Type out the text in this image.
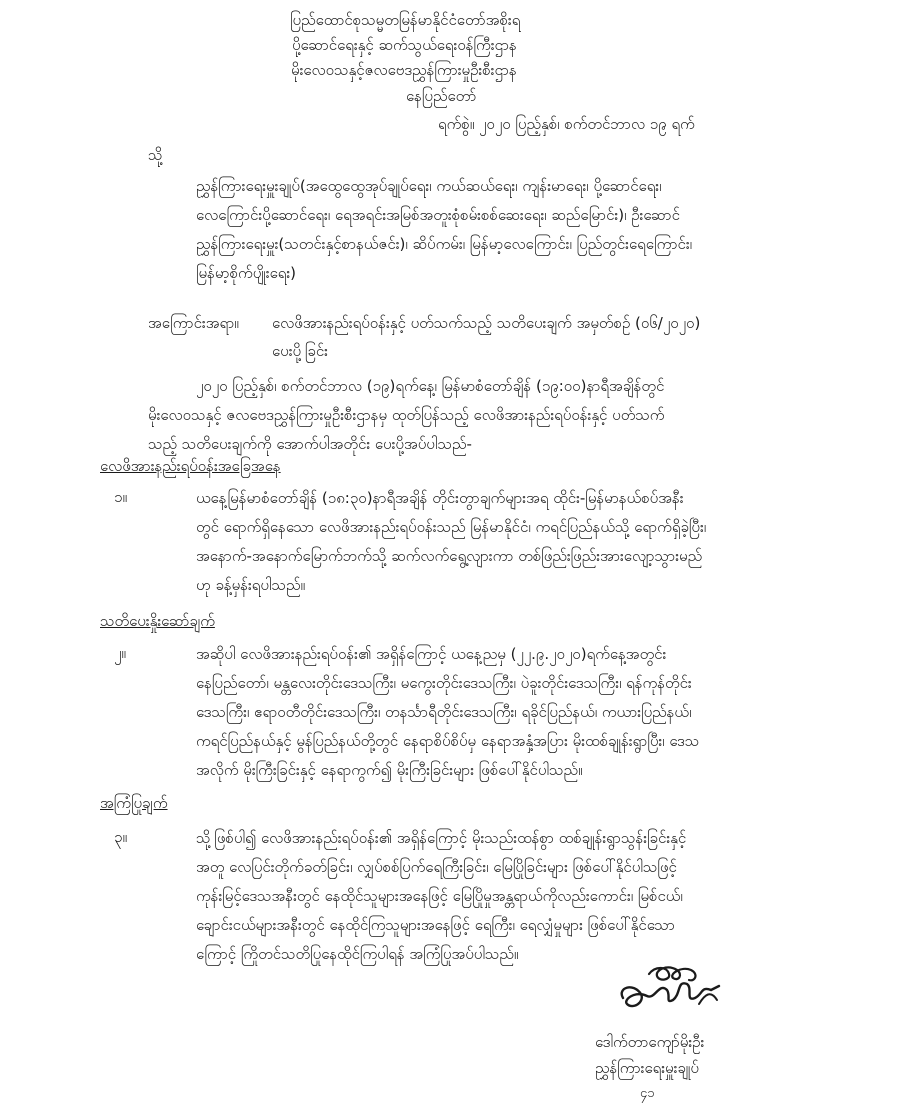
ပြည်ထောင်စုသမ္မတမြန်မာနိုင်ငံတော်အစိုးရ
ပို့ဆောင်ရေးနှင့် ဆက်သွယ်ရေးဝန်ကြီးဌာန
မိုးလေဝသနှင့်ဇလဗေဒညွှန်ကြားမှုဦးစီးဌာန
နေပြည်တော်
ရက်စွဲ။ ၂၀၂၀ ပြည့်နှစ်၊ စက်တင်ဘာလ ၁၉ ရက်
သို့
ညွှန်ကြားရေးမှူးချုပ်(အထွေထွေအုပ်ချုပ်ရေး၊ ကယ်ဆယ်ရေး၊ ကျန်းမာရေး၊ ပို့ဆောင်ရေး၊
လေကြောင်းပို့ဆောင်ရေး၊ ရေအရင်းအမြစ်အတူးစုံစမ်းစစ်ဆေးရေး၊ ဆည်မြောင်း)၊ ဦးဆောင်
ညွှန်ကြားရေးမှူး(သတင်းနှင့်စာနယ်ဇင်း)၊ ဆိပ်ကမ်း၊ မြန်မာ့လေကြောင်း၊ ပြည်တွင်းရေကြောင်း၊
မြန်မာ့စိုက်ပျိုးရေး)
အကြောင်းအရာ။ လေဖိအားနည်းရပ်ဝန်းနှင့် ပတ်သက်သည့် သတိပေးချက် အမှတ်စဉ် (၀၆/၂၀၂၀)
ပေးပို့ခြင်း
၂၀၂၀ ပြည့်နှစ်၊ စက်တင်ဘာလ (၁၉)ရက်နေ့၊ မြန်မာစံတော်ချိန် (၁၉:၀၀)နာရီအချိန်တွင်
မိုးလေဝသနှင့် ဇလဗေဒညွှန်ကြားမှုဦးစီးဌာနမှ ထုတ်ပြန်သည့် လေဖိအားနည်းရပ်ဝန်းနှင့် ပတ်သက်
သည့် သတိပေးချက်ကို အောက်ပါအတိုင်း ပေးပို့အပ်ပါသည်-
လေဖိအားနည်းရပ်ဝန်းအခြေအနေ
၁။	ယနေ့မြန်မာစံတော်ချိန် (၁၈:၃၀)နာရီအချိန် တိုင်းတွာချက်များအရ ထိုင်း-မြန်မာနယ်စပ်အနီး
တွင် ရောက်ရှိနေသော လေဖိအားနည်းရပ်ဝန်းသည် မြန်မာနိုင်ငံ၊ ကရင်ပြည်နယ်သို့ ရောက်ရှိခဲ့ပြီး၊
အနောက်-အနောက်မြောက်ဘက်သို့ ဆက်လက်ရွေ့လျားကာ တစ်ဖြည်းဖြည်းအားလျော့သွားမည်
ဟု ခန့်မှန်းရပါသည်။
သတိပေးနှိုးဆော်ချက်
၂။	အဆိုပါ လေဖိအားနည်းရပ်ဝန်း၏ အရှိန်ကြောင့် ယနေ့ညမှ (၂၂.၉.၂၀၂၀)ရက်နေ့အတွင်း
နေပြည်တော်၊ မန္တလေးတိုင်းဒေသကြီး၊ မကွေးတိုင်းဒေသကြီး၊ ပဲခူးတိုင်းဒေသကြီး၊ ရန်ကုန်တိုင်း
ဒေသကြီး၊ ဧရာဝတီတိုင်းဒေသကြီး၊ တနင်္သာရီတိုင်းဒေသကြီး၊ ရခိုင်ပြည်နယ်၊ ကယားပြည်နယ်၊
ကရင်ပြည်နယ်နှင့် မွန်ပြည်နယ်တို့တွင် နေရာစိပ်စိပ်မှ နေရာအနှံ့အပြား မိုးထစ်ချုန်းရွာပြီး၊ ဒေသ
အလိုက် မိုးကြီးခြင်းနှင့် နေရာကွက်၍ မိုးကြီးခြင်းများ ဖြစ်ပေါ်နိုင်ပါသည်။
အကြံပြုချက်
၃။	သို့ဖြစ်ပါ၍ လေဖိအားနည်းရပ်ဝန်း၏ အရှိန်ကြောင့် မိုးသည်းထန်စွာ ထစ်ချုန်းရွာသွန်းခြင်းနှင့်
အတူ လေပြင်းတိုက်ခတ်ခြင်း၊ လျှပ်စစ်ပြက်ရေကြီးခြင်း၊ မြေပြိုခြင်းများ ဖြစ်ပေါ်နိုင်ပါသဖြင့်
ကုန်းမြင့်ဒေသအနီးတွင် နေထိုင်သူများအနေဖြင့် မြေပြိုမှုအန္တရာယ်ကိုလည်းကောင်း၊ မြစ်ငယ်၊
ချောင်းငယ်များအနီးတွင် နေထိုင်ကြသူများအနေဖြင့် ရေကြီး၊ ရေလျှံမှုများ ဖြစ်ပေါ်နိုင်သော
ကြောင့် ကြိုတင်သတိပြုနေထိုင်ကြပါရန် အကြံပြုအပ်ပါသည်။
ဒေါက်တာကျော်မိုးဦး
ညွှန်ကြားရေးမှူးချုပ်
၄၁
